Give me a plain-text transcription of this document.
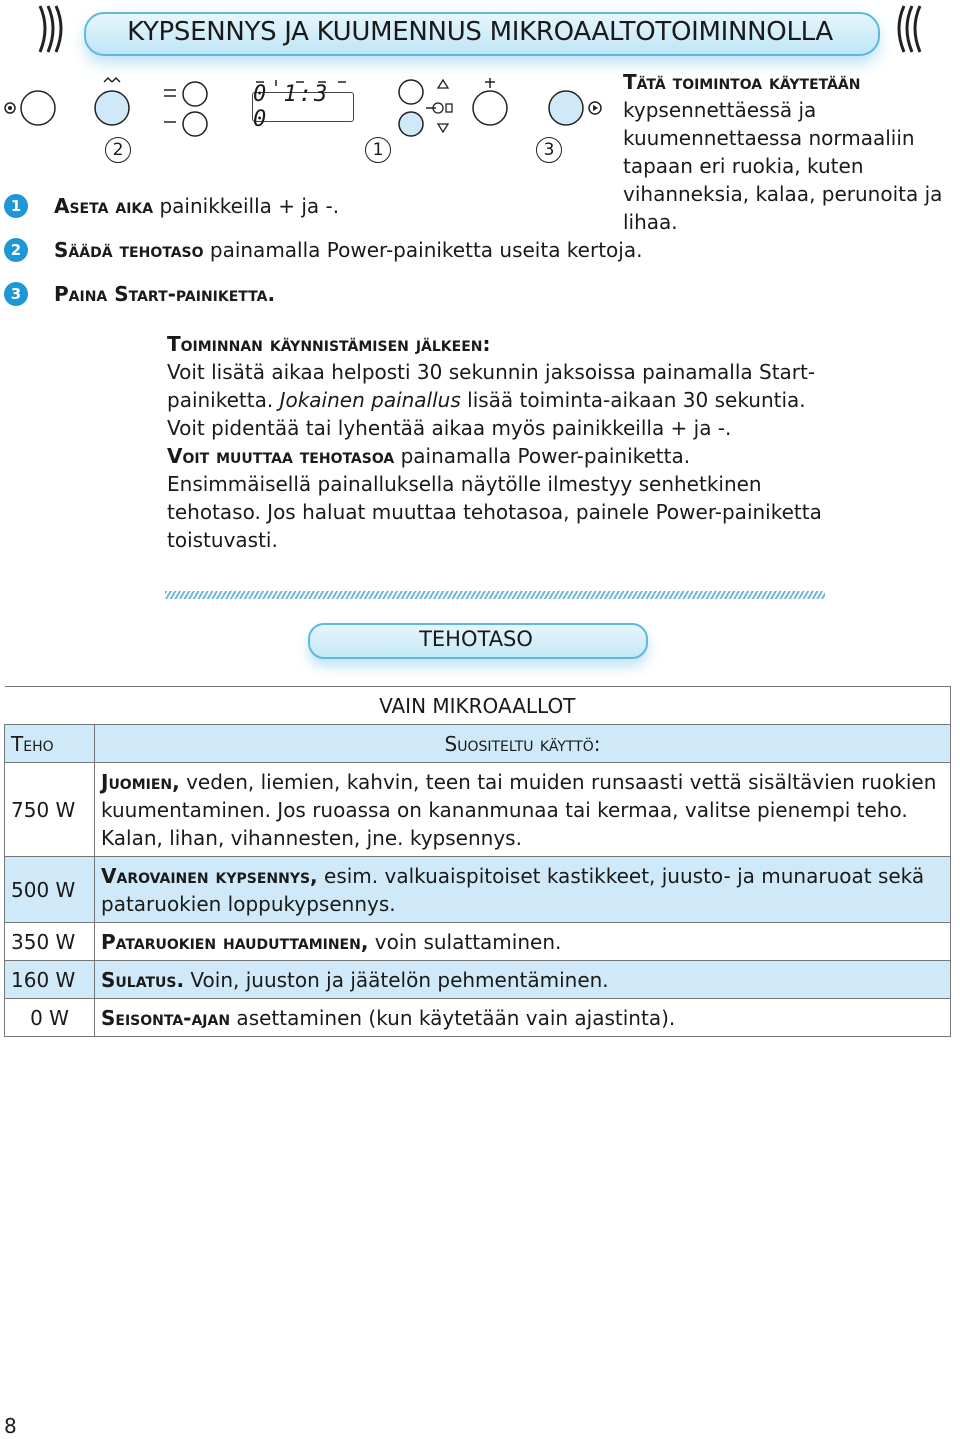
KYPSENNYS JA KUUMENNUS MIKROAALTOTOIMINNOLLA
0 1:3 0
2	1	3
Tätä toimintoa käytetään kypsennettäessä ja kuumennettaessa normaaliin tapaan eri ruokia, kuten vihanneksia, kalaa, perunoita ja lihaa.
1	Aseta aika painikkeilla + ja -.
2	Säädä tehotaso painamalla Power-painiketta useita kertoja.
3	Paina Start-painiketta.
Toiminnan käynnistämisen jälkeen:
Voit lisätä aikaa helposti 30 sekunnin jaksoissa painamalla Start-painiketta. Jokainen painallus lisää toiminta-aikaan 30 sekuntia.
Voit pidentää tai lyhentää aikaa myös painikkeilla + ja -.
Voit muuttaa tehotasoa painamalla Power-painiketta. Ensimmäisellä painalluksella näytölle ilmestyy senhetkinen tehotaso. Jos haluat muuttaa tehotasoa, painele Power-painiketta toistuvasti.
TEHOTASO
VAIN MIKROAALLOT	
Teho	Suositeltu käyttö:
750 W	Juomien, veden, liemien, kahvin, teen tai muiden runsaasti vettä sisältävien ruokien kuumentaminen. Jos ruoassa on kananmunaa tai kermaa, valitse pienempi teho. Kalan, lihan, vihannesten, jne. kypsennys.
500 W	Varovainen kypsennys, esim. valkuaispitoiset kastikkeet, juusto- ja munaruoat sekä pataruokien loppukypsennys.
350 W	Pataruokien hauduttaminen, voin sulattaminen.
160 W	Sulatus. Voin, juuston ja jäätelön pehmentäminen.
0 W	Seisonta-ajan asettaminen (kun käytetään vain ajastinta).
8
